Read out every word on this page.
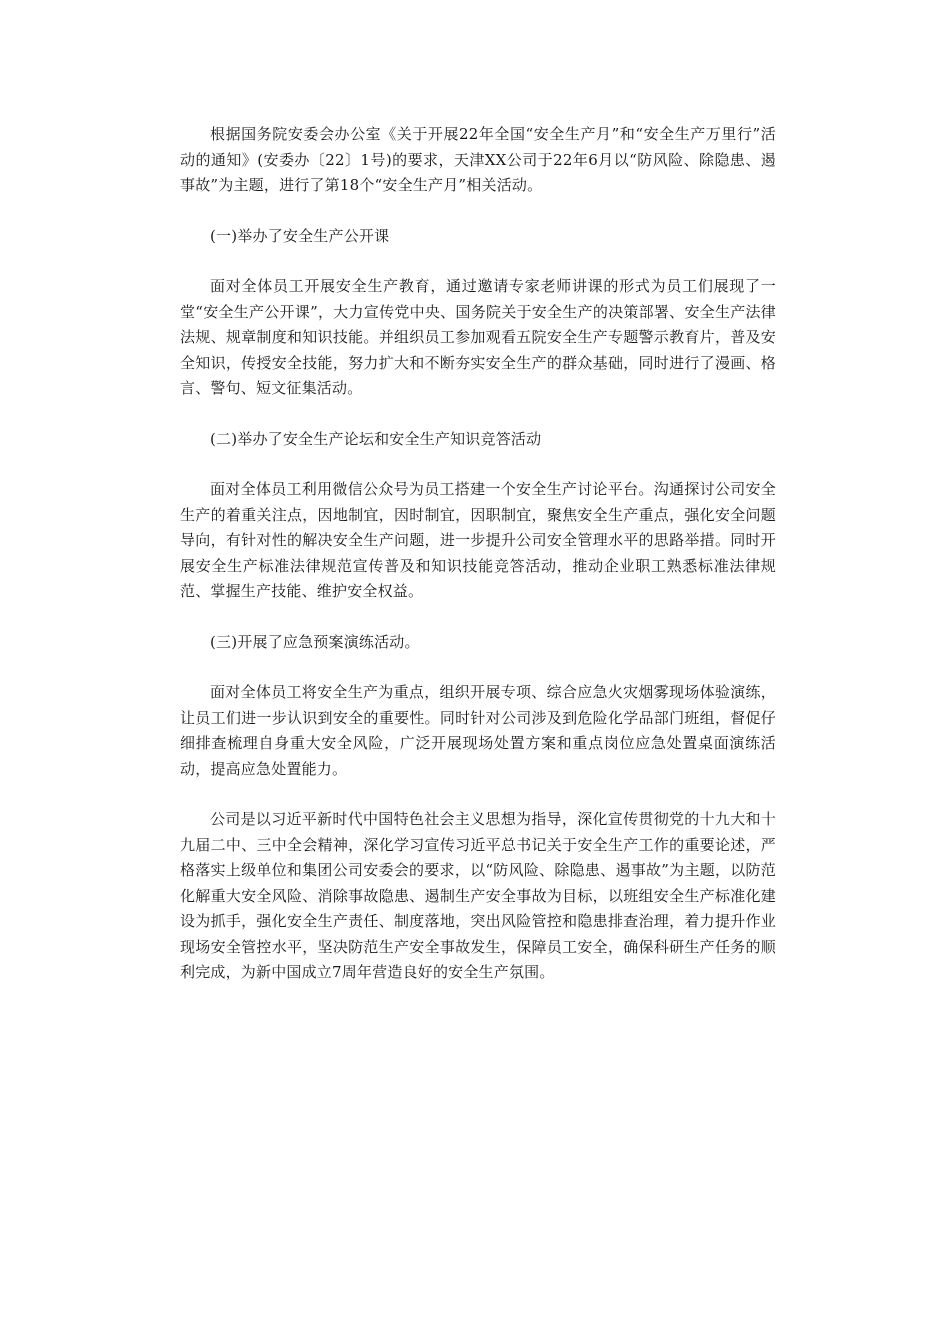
根据国务院安委会办公室《关于开展22年全国“安全生产月”和“安全生产万里行”活动的通知》(安委办〔22〕1号)的要求，天津XX公司于22年6月以“防风险、除隐患、遏事故”为主题，进行了第18个“安全生产月”相关活动。

(一)举办了安全生产公开课

面对全体员工开展安全生产教育，通过邀请专家老师讲课的形式为员工们展现了一堂“安全生产公开课”，大力宣传党中央、国务院关于安全生产的决策部署、安全生产法律法规、规章制度和知识技能。并组织员工参加观看五院安全生产专题警示教育片，普及安全知识，传授安全技能，努力扩大和不断夯实安全生产的群众基础，同时进行了漫画、格言、警句、短文征集活动。

(二)举办了安全生产论坛和安全生产知识竞答活动

面对全体员工利用微信公众号为员工搭建一个安全生产讨论平台。沟通探讨公司安全生产的着重关注点，因地制宜，因时制宜，因职制宜，聚焦安全生产重点，强化安全问题导向，有针对性的解决安全生产问题，进一步提升公司安全管理水平的思路举措。同时开展安全生产标准法律规范宣传普及和知识技能竞答活动，推动企业职工熟悉标准法律规范、掌握生产技能、维护安全权益。

(三)开展了应急预案演练活动。

面对全体员工将安全生产为重点，组织开展专项、综合应急火灾烟雾现场体验演练，让员工们进一步认识到安全的重要性。同时针对公司涉及到危险化学品部门班组，督促仔细排查梳理自身重大安全风险，广泛开展现场处置方案和重点岗位应急处置桌面演练活动，提高应急处置能力。

公司是以习近平新时代中国特色社会主义思想为指导，深化宣传贯彻党的十九大和十九届二中、三中全会精神，深化学习宣传习近平总书记关于安全生产工作的重要论述，严格落实上级单位和集团公司安委会的要求，以“防风险、除隐患、遏事故”为主题，以防范化解重大安全风险、消除事故隐患、遏制生产安全事故为目标，以班组安全生产标准化建设为抓手，强化安全生产责任、制度落地，突出风险管控和隐患排查治理，着力提升作业现场安全管控水平，坚决防范生产安全事故发生，保障员工安全，确保科研生产任务的顺利完成，为新中国成立7周年营造良好的安全生产氛围。
